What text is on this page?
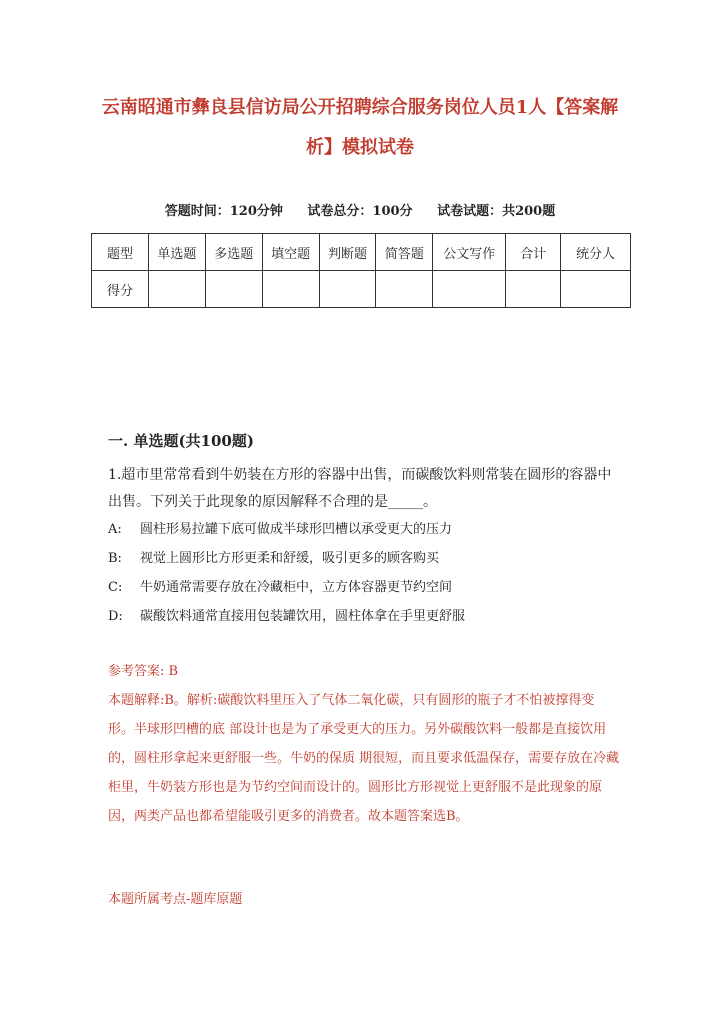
云南昭通市彝良县信访局公开招聘综合服务岗位人员1人【答案解析】模拟试卷
答题时间：120分钟 试卷总分：100分 试卷试题：共200题
题型	单选题	多选题	填空题	判断题	简答题	公文写作	合计	统分人
得分								
一. 单选题(共100题)
1.超市里常常看到牛奶装在方形的容器中出售，而碳酸饮料则常装在圆形的容器中出售。下列关于此现象的原因解释不合理的是_____。
A: 圆柱形易拉罐下底可做成半球形凹槽以承受更大的压力
B: 视觉上圆形比方形更柔和舒缓，吸引更多的顾客购买
C: 牛奶通常需要存放在冷藏柜中，立方体容器更节约空间
D: 碳酸饮料通常直接用包装罐饮用，圆柱体拿在手里更舒服
参考答案: B
本题解释:B。解析:碳酸饮料里压入了气体二氧化碳，只有圆形的瓶子才不怕被撑得变形。半球形凹槽的底 部设计也是为了承受更大的压力。另外碳酸饮料一般都是直接饮用的，圆柱形拿起来更舒服一些。牛奶的保质 期很短，而且要求低温保存，需要存放在冷藏柜里，牛奶装方形也是为节约空间而设计的。圆形比方形视觉上更舒服不是此现象的原因，两类产品也都希望能吸引更多的消费者。故本题答案选B。
本题所属考点-题库原题
